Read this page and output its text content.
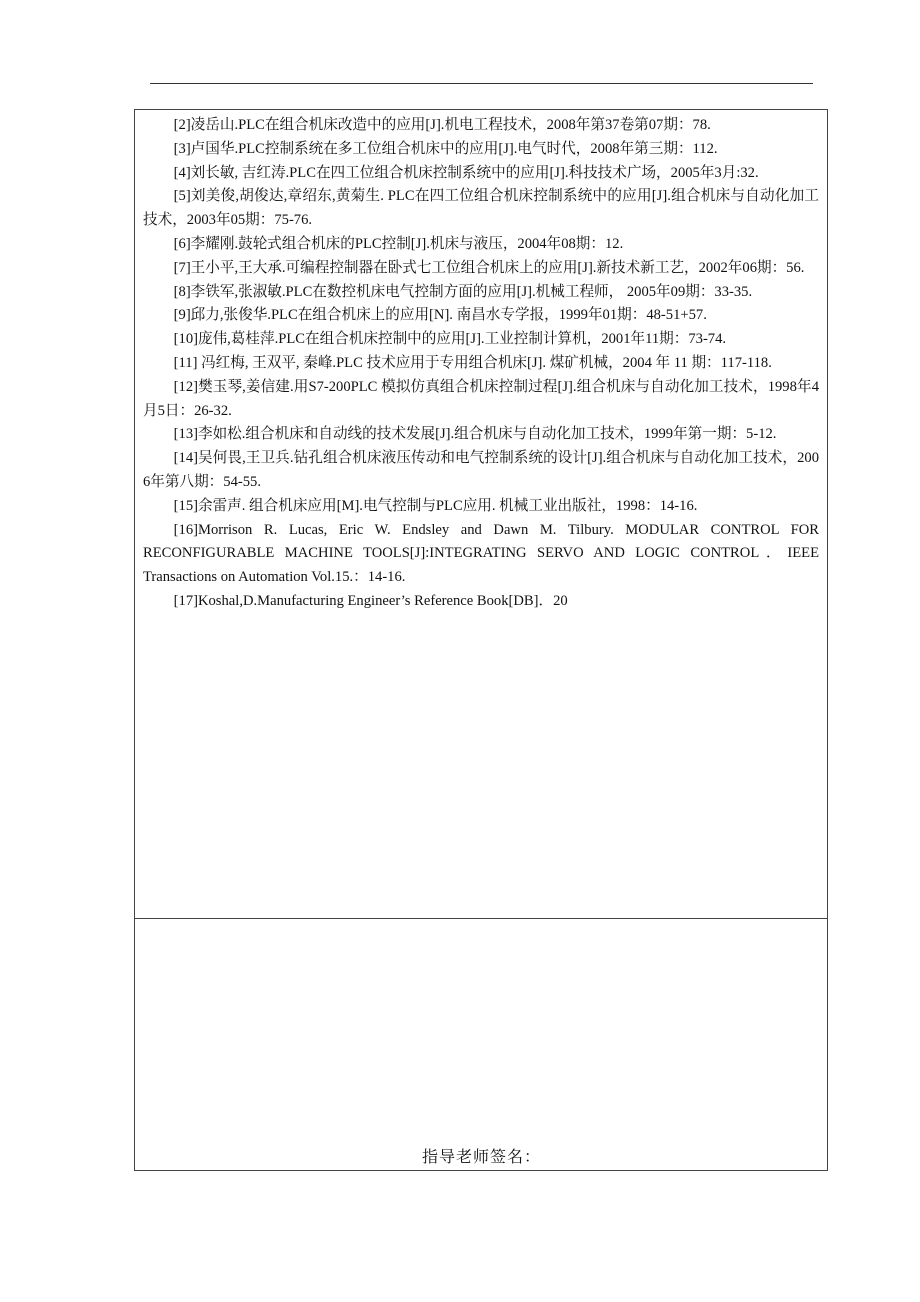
[2]凌岳山.PLC在组合机床改造中的应用[J].机电工程技术，2008年第37卷第07期：78.

[3]卢国华.PLC控制系统在多工位组合机床中的应用[J].电气时代，2008年第三期：112.

[4]刘长敏, 吉红涛.PLC在四工位组合机床控制系统中的应用[J].科技技术广场，2005年3月:32.

[5]刘美俊,胡俊达,章绍东,黄菊生. PLC在四工位组合机床控制系统中的应用[J].组合机床与自动化加工技术，2003年05期：75-76.

[6]李耀刚.鼓轮式组合机床的PLC控制[J].机床与液压，2004年08期：12.

[7]王小平,王大承.可编程控制器在卧式七工位组合机床上的应用[J].新技术新工艺，2002年06期：56.

[8]李铁军,张淑敏.PLC在数控机床电气控制方面的应用[J].机械工程师， 2005年09期：33-35.

[9]邱力,张俊华.PLC在组合机床上的应用[N]. 南昌水专学报，1999年01期：48-51+57.

[10]庞伟,葛桂萍.PLC在组合机床控制中的应用[J].工业控制计算机，2001年11期：73-74.

[11] 冯红梅, 王双平, 秦峰.PLC 技术应用于专用组合机床[J]. 煤矿机械，2004 年 11 期：117-118.

[12]樊玉琴,姜信建.用S7-200PLC 模拟仿真组合机床控制过程[J].组合机床与自动化加工技术，1998年4月5日：26-32.

[13]李如松.组合机床和自动线的技术发展[J].组合机床与自动化加工技术，1999年第一期：5-12.

[14]吴何畏,王卫兵.钻孔组合机床液压传动和电气控制系统的设计[J].组合机床与自动化加工技术，2006年第八期：54-55.

[15]余雷声. 组合机床应用[M].电气控制与PLC应用. 机械工业出版社，1998：14-16.

[16]Morrison R. Lucas, Eric W. Endsley and Dawn M. Tilbury. MODULAR CONTROL FOR RECONFIGURABLE MACHINE TOOLS[J]:INTEGRATING SERVO AND LOGIC CONTROL．IEEE Transactions on Automation Vol.15.：14-16.

[17]Koshal,D.Manufacturing Engineer’s Reference Book[DB]．20

指导老师签名：
